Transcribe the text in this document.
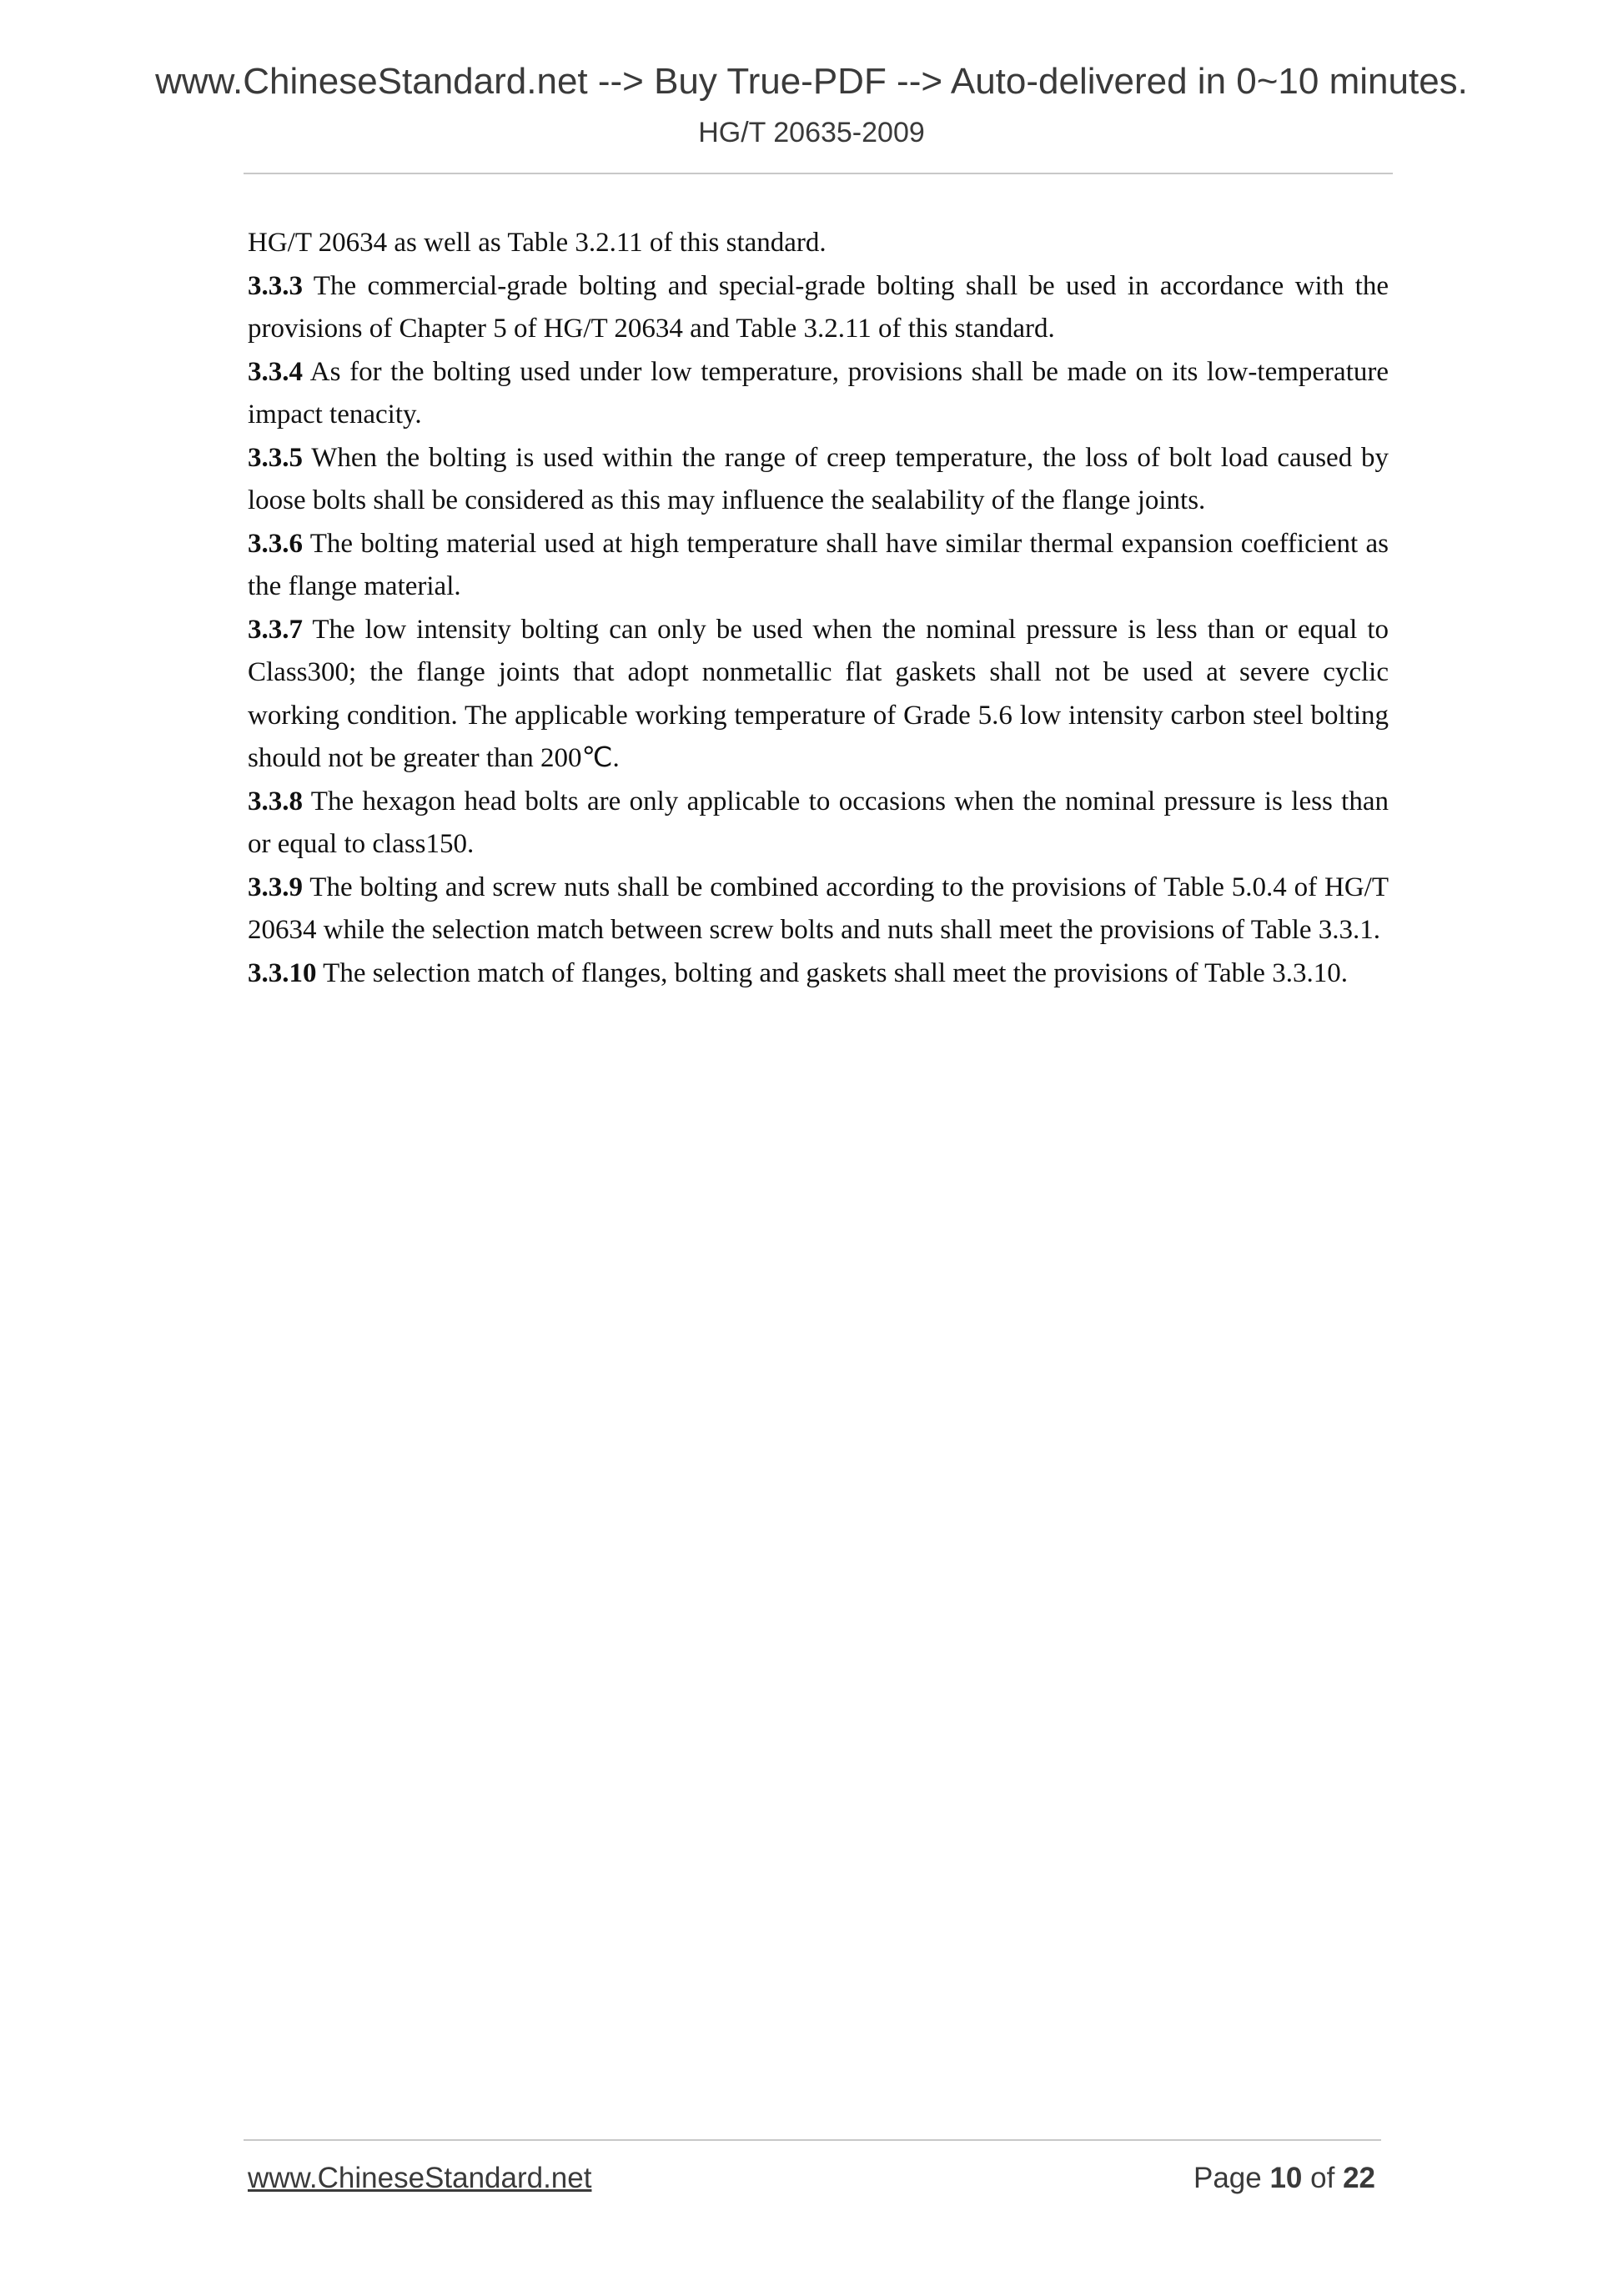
www.ChineseStandard.net --> Buy True-PDF --> Auto-delivered in 0~10 minutes.
HG/T 20635-2009

HG/T 20634 as well as Table 3.2.11 of this standard.

3.3.3 The commercial-grade bolting and special-grade bolting shall be used in accordance with the provisions of Chapter 5 of HG/T 20634 and Table 3.2.11 of this standard.

3.3.4 As for the bolting used under low temperature, provisions shall be made on its low-temperature impact tenacity.

3.3.5 When the bolting is used within the range of creep temperature, the loss of bolt load caused by loose bolts shall be considered as this may influence the sealability of the flange joints.

3.3.6 The bolting material used at high temperature shall have similar thermal expansion coefficient as the flange material.

3.3.7 The low intensity bolting can only be used when the nominal pressure is less than or equal to Class300; the flange joints that adopt nonmetallic flat gaskets shall not be used at severe cyclic working condition. The applicable working temperature of Grade 5.6 low intensity carbon steel bolting should not be greater than 200℃.

3.3.8 The hexagon head bolts are only applicable to occasions when the nominal pressure is less than or equal to class150.

3.3.9 The bolting and screw nuts shall be combined according to the provisions of Table 5.0.4 of HG/T 20634 while the selection match between screw bolts and nuts shall meet the provisions of Table 3.3.1.

3.3.10 The selection match of flanges, bolting and gaskets shall meet the provisions of Table 3.3.10.

www.ChineseStandard.net	Page 10 of 22
